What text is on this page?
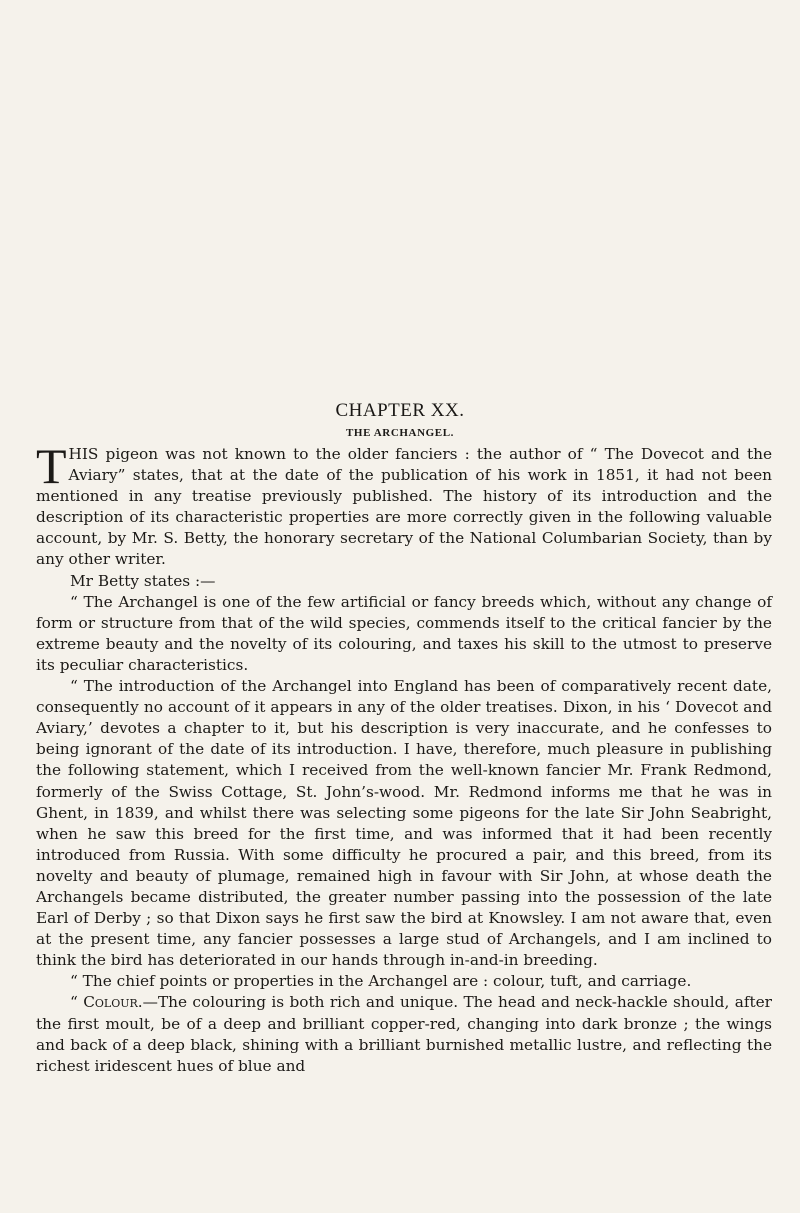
CHAPTER XX.
THE ARCHANGEL.

THIS pigeon was not known to the older fanciers : the author of “ The Dovecot and the Aviary” states, that at the date of the publication of his work in 1851, it had not been mentioned in any treatise previously published. The history of its introduction and the description of its characteristic properties are more correctly given in the following valuable account, by Mr. S. Betty, the honorary secretary of the National Columbarian Society, than by any other writer.

Mr Betty states :—

“ The Archangel is one of the few artificial or fancy breeds which, without any change of form or structure from that of the wild species, commends itself to the critical fancier by the extreme beauty and the novelty of its colouring, and taxes his skill to the utmost to preserve its peculiar characteristics.

“ The introduction of the Archangel into England has been of comparatively recent date, consequently no account of it appears in any of the older treatises. Dixon, in his ‘ Dovecot and Aviary,’ devotes a chapter to it, but his description is very inaccurate, and he confesses to being ignorant of the date of its introduction. I have, therefore, much pleasure in publishing the following statement, which I received from the well-known fancier Mr. Frank Redmond, formerly of the Swiss Cottage, St. John’s-wood. Mr. Redmond informs me that he was in Ghent, in 1839, and whilst there was selecting some pigeons for the late Sir John Seabright, when he saw this breed for the first time, and was informed that it had been recently introduced from Russia. With some difficulty he procured a pair, and this breed, from its novelty and beauty of plumage, remained high in favour with Sir John, at whose death the Archangels became distributed, the greater number passing into the possession of the late Earl of Derby ; so that Dixon says he first saw the bird at Knowsley. I am not aware that, even at the present time, any fancier possesses a large stud of Archangels, and I am inclined to think the bird has deteriorated in our hands through in-and-in breeding.

“ The chief points or properties in the Archangel are : colour, tuft, and carriage.

“ Colour.—The colouring is both rich and unique. The head and neck-hackle should, after the first moult, be of a deep and brilliant copper-red, changing into dark bronze ; the wings and back of a deep black, shining with a brilliant burnished metallic lustre, and reflecting the richest iridescent hues of blue and
